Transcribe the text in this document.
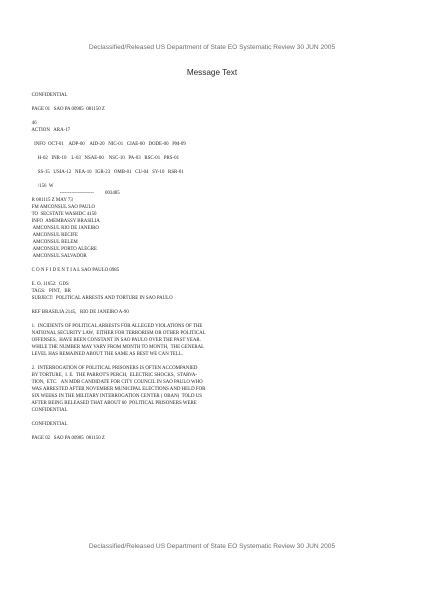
Declassified/Released US Department of State EO Systematic Review 30 JUN 2005
Message Text
CONFIDENTIAL
PAGE 01   SAO PA 00985  081150 Z
46
ACTION   ARA-17
INFO  OCT-01    ADP-00    AID-20   NIC-01   CIAE-00   DODE-00   PM-09
H-02   INR-10    L-03   NSAE-00    NSC-10   PA-03   RSC-01   PRS-01
SS-15   USIA-12   NEA-10   IGR-23   OMB-01   CU-04   SY-10   RSR-01
/156  W
---------------------         003485
R 081115 Z MAY 73
FM AMCONSUL SAO PAULO
TO  SECSTATE WASHDC 4150
INFO  AMEMBASSY BRASILIA
AMCONSUL RIO DE JANEIRO
AMCONSUL RECIFE
AMCONSUL BELEM
AMCONSUL PORTO ALEGRE
AMCONSUL SALVADOR
C O N F I D E N T I A L SAO PAULO 0985
E. O. 11652:  GDS
TAGS:   PINT,   BR
SUBJECT:  POLITICAL ARRESTS AND TORTURE IN SAO PAULO
REF BRASILIA 2145,   RIO DE JANEIRO A-90
1.  INCIDENTS OF POLITICAL ARRESTS FOR ALLEGED VIOLATIONS OF THE
NATIONAL SECURITY LAW,  EITHER FOR TERRORISM OR OTHER POLITICAL
OFFENSES,  HAVE BEEN CONSTANT IN SAO PAULO OVER THE PAST YEAR.
WHILE THE NUMBER MAY VARY FROM MONTH TO MONTH,  THE GENERAL
LEVEL HAS REMAINED ABOUT THE SAME AS BEST WE CAN TELL.
2.  INTERROGATION OF POLITICAL PRISONERS IS OFTEN ACCOMPANIED
BY TORTURE,  I. E.  THE PARROT'S PERCH,  ELECTRIC SHOCKS,  STARVA-
TION,  ETC.   AN MDB CANDIDATE FOR CITY COUNCIL IN SAO PAULO WHO
WAS ARRESTED AFTER NOVEMBER MUNICIPAL ELECTIONS AND HELD FOR
SIX WEEKS IN THE MILITARY INTERROGATION CENTER ( OBAN)  TOLD US
AFTER BEING RELEASED THAT ABOUT 60  POLITICAL PRISONERS WERE
CONFIDENTIAL
CONFIDENTIAL
PAGE 02   SAO PA 00985  081150 Z
Declassified/Released US Department of State EO Systematic Review 30 JUN 2005
